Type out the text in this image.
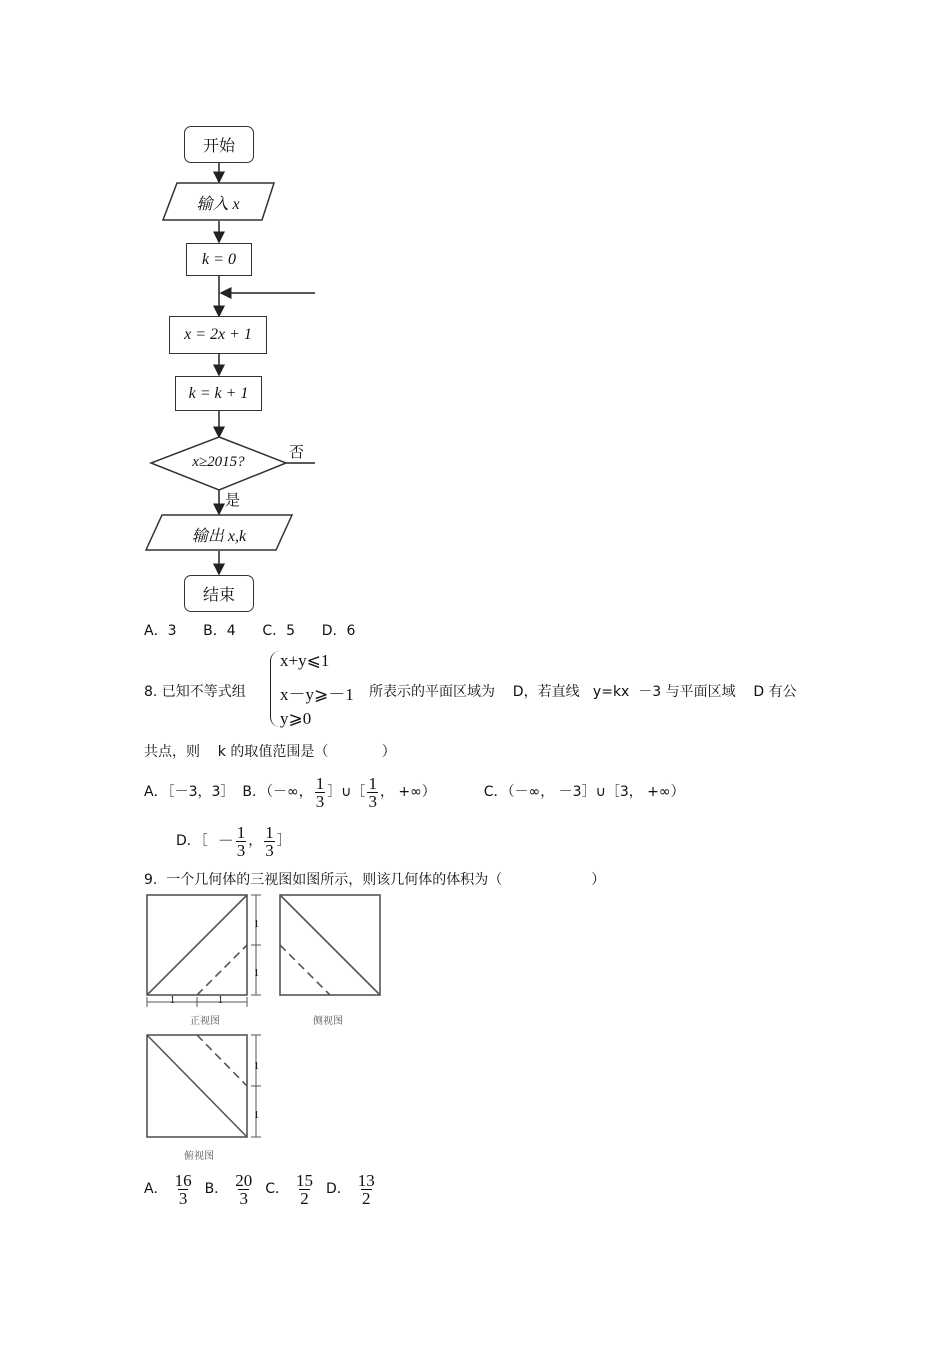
开始
输入 x
k = 0
x = 2x + 1
k = k + 1
x≥2015?
否
是
输出 x,k
结束
A．3      B．4      C．5      D．6
8. 已知不等式组
x+y⩽1
x－y⩾－1
y⩾0
所表示的平面区域为    D，若直线   y=kx  －3 与平面区域    D 有公
共点，则    k 的取值范围是（            ）
A．［－3，3］ B．（－∞， $\frac{1}{3}$ ］∪［ $\frac{1}{3}$ ， +∞）	C．（－∞， －3］∪［3， +∞）
D．［ － $\frac{1}{3}$ ， $\frac{1}{3}$ ］
9.  一个几何体的三视图如图所示，则该几何体的体积为（                    ）
1
1
1	1
1
1
正视图	侧视图
俯视图
A． $\frac{16}{3}$ B． $\frac{20}{3}$ C． $\frac{15}{2}$ D． $\frac{13}{2}$
